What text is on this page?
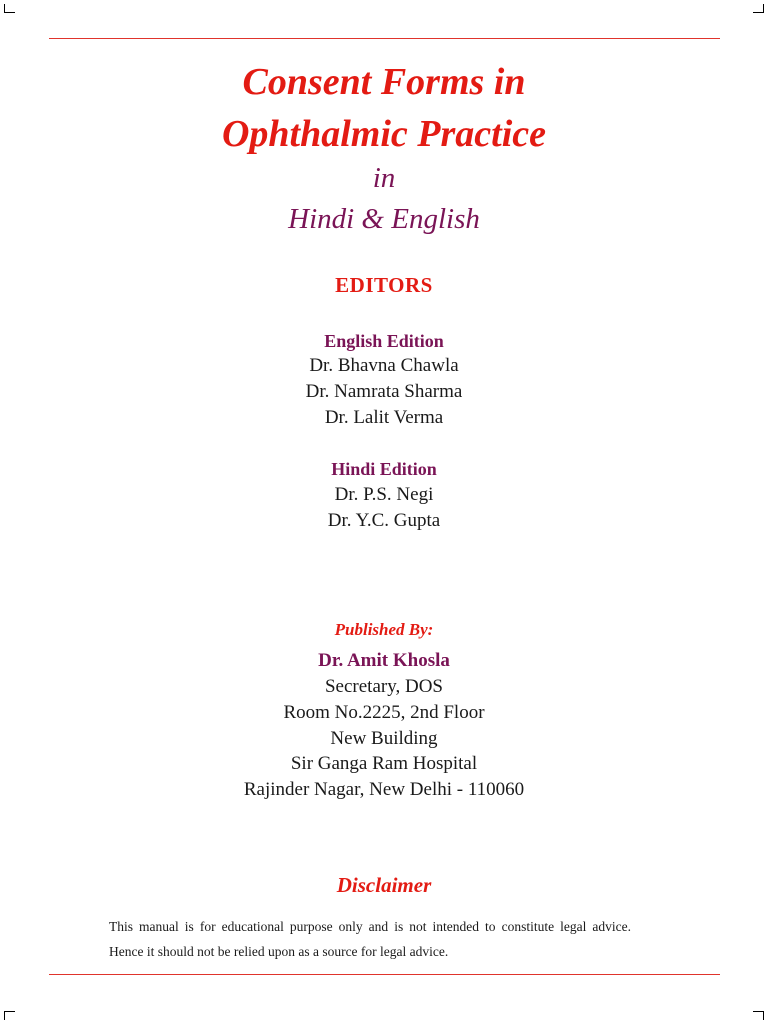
Consent Forms in
Ophthalmic Practice
in
Hindi & English
EDITORS
English Edition
Dr. Bhavna Chawla
Dr. Namrata Sharma
Dr. Lalit Verma
Hindi Edition
Dr. P.S. Negi
Dr. Y.C. Gupta
Published By:
Dr. Amit Khosla
Secretary, DOS
Room No.2225, 2nd Floor
New Building
Sir Ganga Ram Hospital
Rajinder Nagar, New Delhi - 110060
Disclaimer

This manual is for educational purpose only and is not intended to constitute legal advice. Hence it should not be relied upon as a source for legal advice.
